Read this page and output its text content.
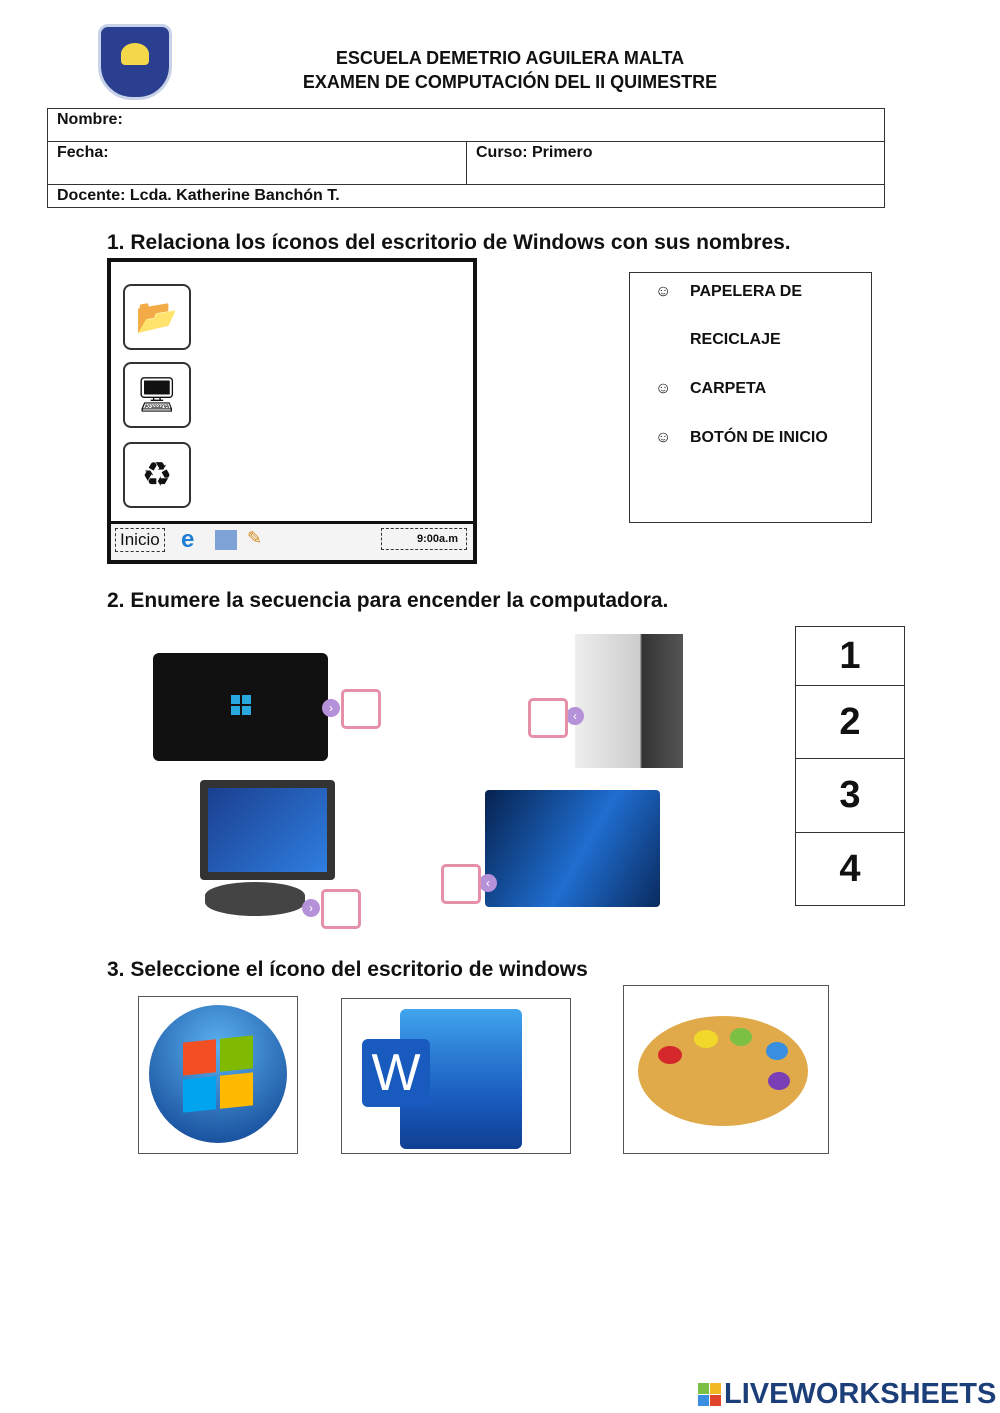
ESCUELA DEMETRIO AGUILERA MALTA
EXAMEN DE COMPUTACIÓN DEL II QUIMESTRE
Nombre:
Fecha:	Curso: Primero
Docente: Lcda. Katherine Banchón T.
1. Relaciona los íconos del escritorio de Windows con sus nombres.
📂
🖥
♻
Inicio e	✎	9:00a.m
☺ PAPELERA DE
RECICLAJE
☺ CARPETA
☺ BOTÓN DE INICIO
2. Enumere la secuencia para encender la computadora.
›
‹
›
‹
1
2
3
4
3. Seleccione el ícono del escritorio de windows
W
LIVEWORKSHEETS
